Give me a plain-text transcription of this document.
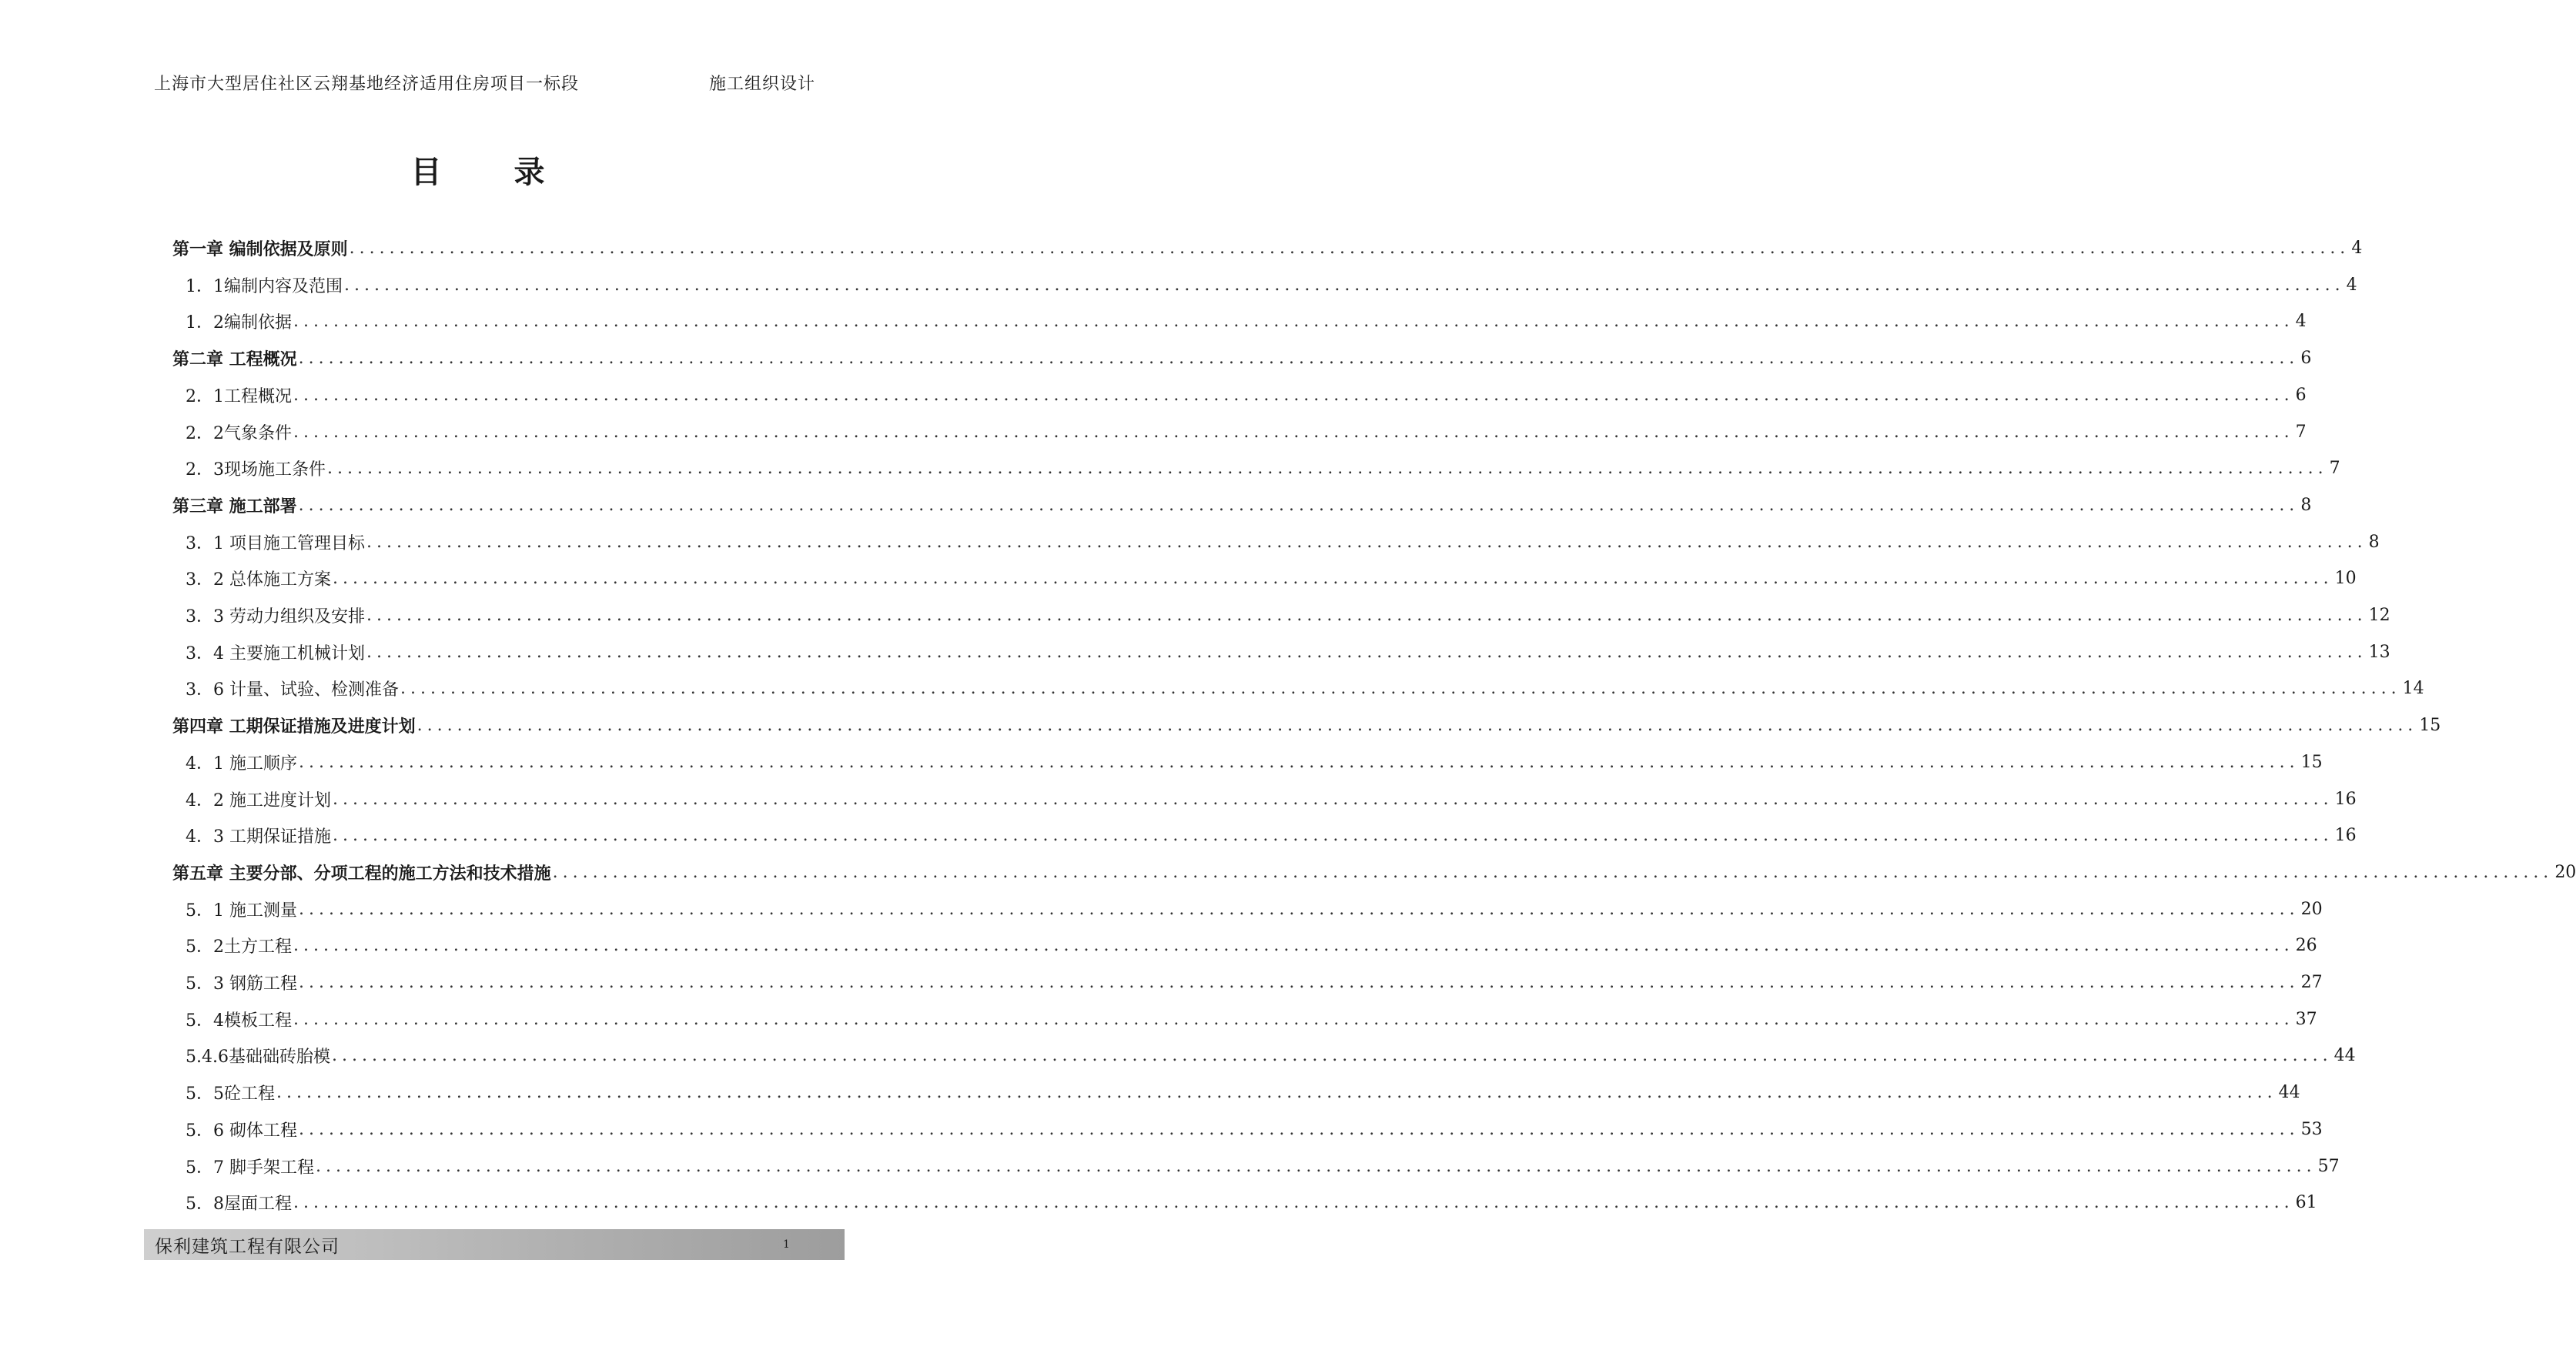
上海市大型居住社区云翔基地经济适用住房项目一标段	施工组织设计
目 录
第一章 编制依据及原则 ........................................................................................................................................................................................................ 4
1．1编制内容及范围 ........................................................................................................................................................................................................ 4
1．2编制依据 ........................................................................................................................................................................................................ 4
第二章 工程概况 ........................................................................................................................................................................................................ 6
2．1工程概况 ........................................................................................................................................................................................................ 6
2．2气象条件 ........................................................................................................................................................................................................ 7
2．3现场施工条件 ........................................................................................................................................................................................................ 7
第三章 施工部署 ........................................................................................................................................................................................................ 8
3．1 项目施工管理目标 ........................................................................................................................................................................................................ 8
3．2 总体施工方案 ........................................................................................................................................................................................................ 10
3．3 劳动力组织及安排 ........................................................................................................................................................................................................ 12
3．4 主要施工机械计划 ........................................................................................................................................................................................................ 13
3．6 计量、试验、检测准备 ........................................................................................................................................................................................................ 14
第四章 工期保证措施及进度计划 ........................................................................................................................................................................................................ 15
4．1 施工顺序 ........................................................................................................................................................................................................ 15
4．2 施工进度计划 ........................................................................................................................................................................................................ 16
4．3 工期保证措施 ........................................................................................................................................................................................................ 16
第五章 主要分部、分项工程的施工方法和技术措施 ........................................................................................................................................................................................................ 20
5．1 施工测量 ........................................................................................................................................................................................................ 20
5．2土方工程 ........................................................................................................................................................................................................ 26
5．3 钢筋工程 ........................................................................................................................................................................................................ 27
5．4模板工程 ........................................................................................................................................................................................................ 37
5.4.6基础础砖胎模 ........................................................................................................................................................................................................ 44
5．5砼工程 ........................................................................................................................................................................................................ 44
5．6 砌体工程 ........................................................................................................................................................................................................ 53
5．7 脚手架工程 ........................................................................................................................................................................................................ 57
5．8屋面工程 ........................................................................................................................................................................................................ 61
保利建筑工程有限公司	1
